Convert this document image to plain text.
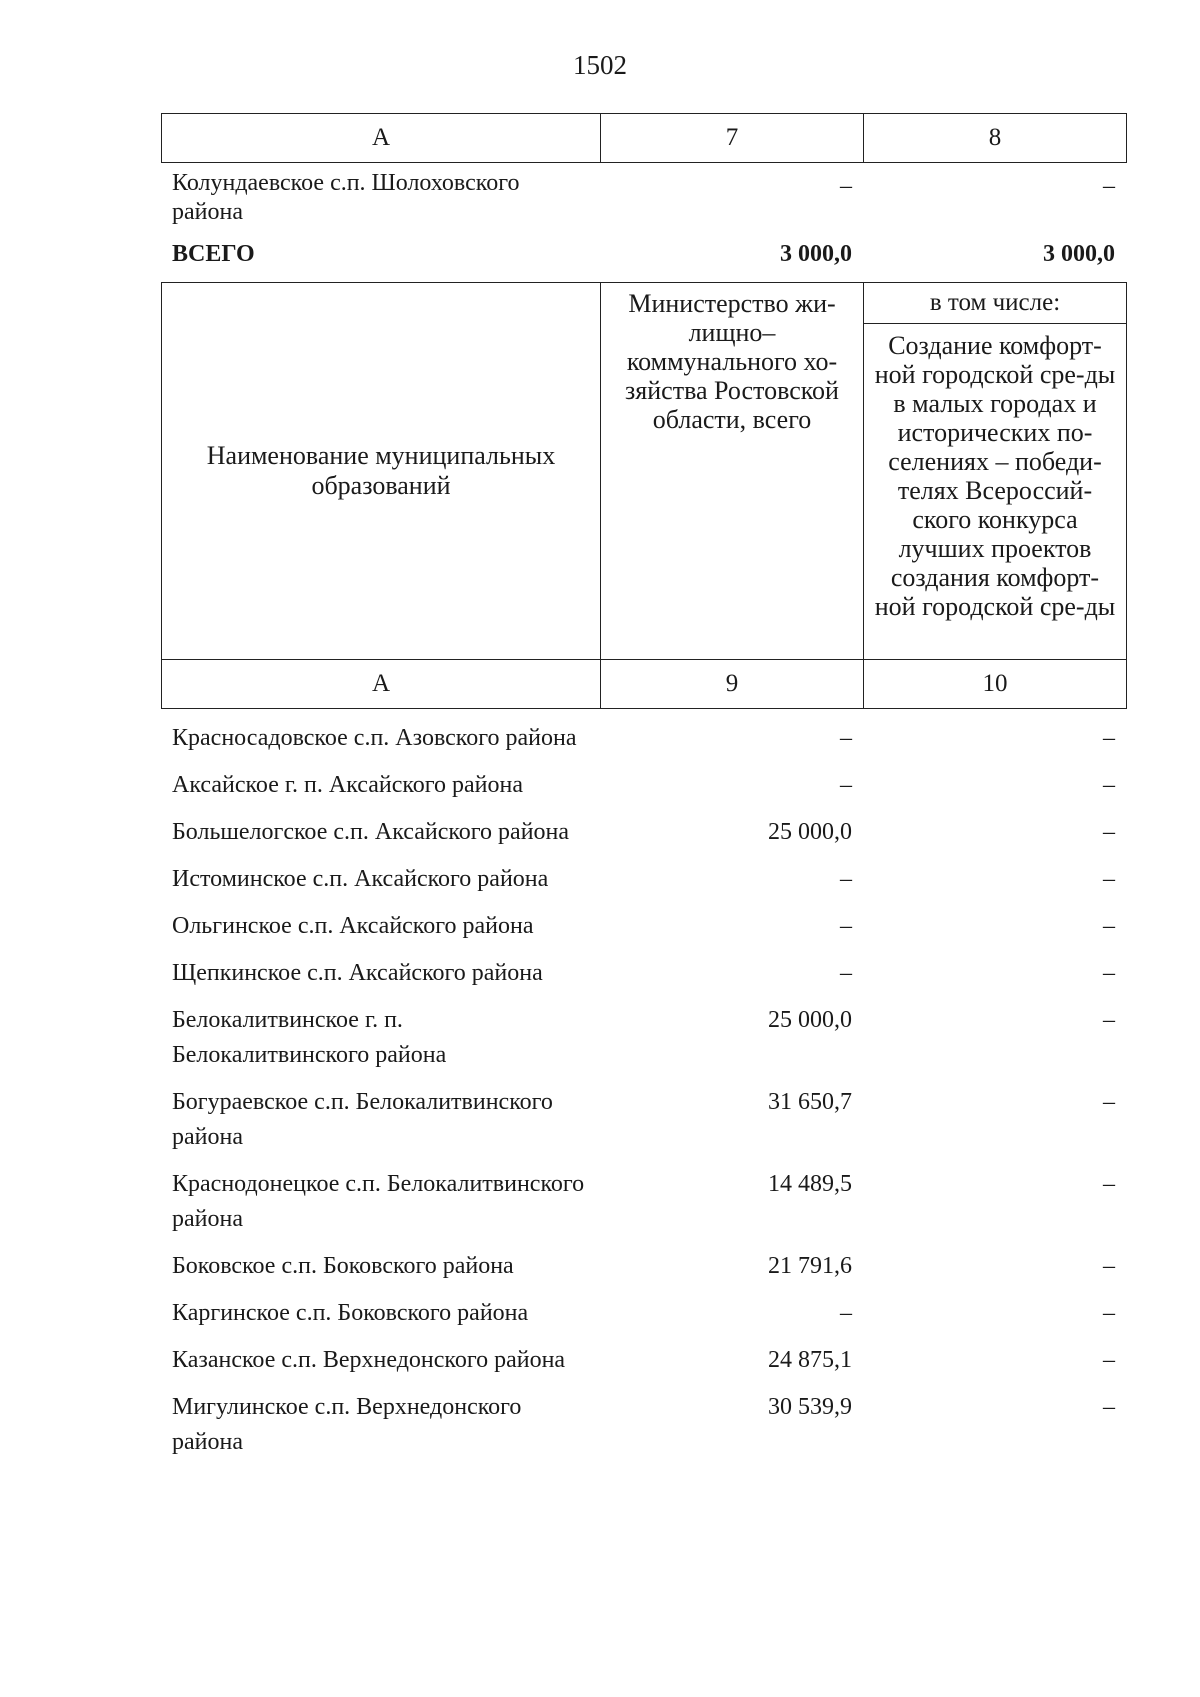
1502
А	7	8
Колундаевское с.п. Шолоховского района	–	–
ВСЕГО	3 000,0	3 000,0
Наименование муниципальных образований	Министерство жи-лищно–коммунального хо-зяйства Ростовской области, всего	в том числе:
Создание комфорт-ной городской сре-ды в малых городах и исторических по-селениях – победи-телях Всероссий-ского конкурса лучших проектов создания комфорт-ной городской сре-ды

А	9	10
Красносадовское с.п. Азовского района	–	–
Аксайское г. п. Аксайского района	–	–
Большелогское с.п. Аксайского района	25 000,0	–
Истоминское с.п. Аксайского района	–	–
Ольгинское с.п. Аксайского района	–	–
Щепкинское с.п. Аксайского района	–	–
Белокалитвинское г. п. Белокалитвинского района	25 000,0	–
Богураевское с.п. Белокалитвинского района	31 650,7	–
Краснодонецкое с.п. Белокалитвинского района	14 489,5	–
Боковское с.п. Боковского района	21 791,6	–
Каргинское с.п. Боковского района	–	–
Казанское с.п. Верхнедонского района	24 875,1	–
Мигулинское с.п. Верхнедонского района	30 539,9	–
